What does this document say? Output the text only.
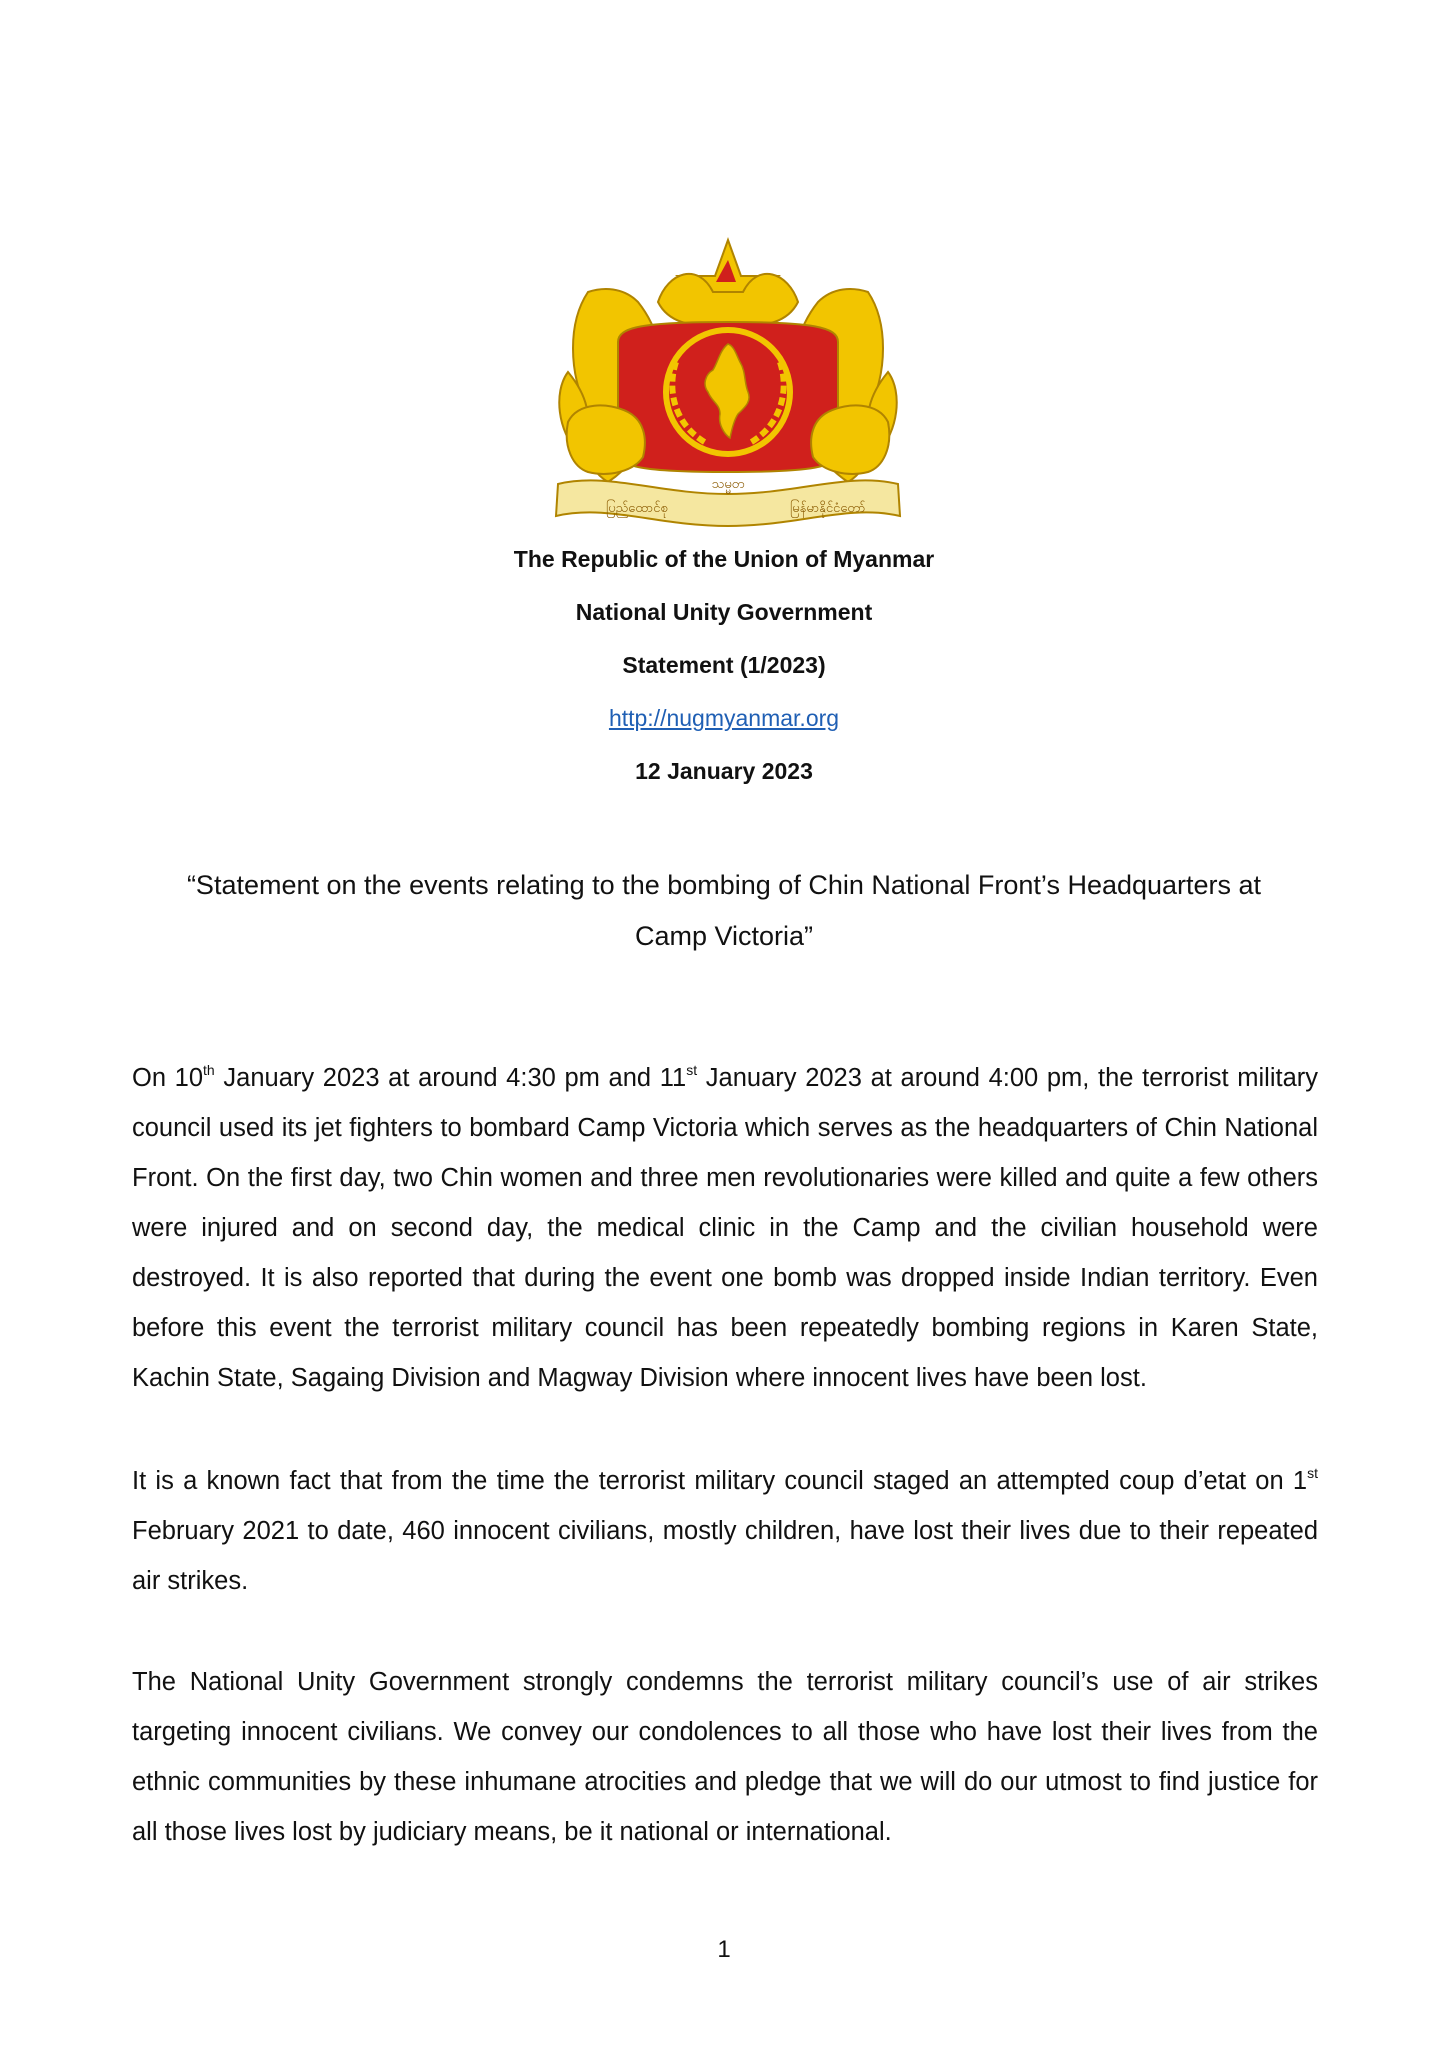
ပြည်ထောင်စု
သမ္မတ
မြန်မာနိုင်ငံတော်
The Republic of the Union of Myanmar
National Unity Government
Statement (1/2023)
http://nugmyanmar.org
12 January 2023
“Statement on the events relating to the bombing of Chin National Front’s Headquarters at Camp Victoria”
On 10th January 2023 at around 4:30 pm and 11st January 2023 at around 4:00 pm, the terrorist military council used its jet fighters to bombard Camp Victoria which serves as the headquarters of Chin National Front. On the first day, two Chin women and three men revolutionaries were killed and quite a few others were injured and on second day, the medical clinic in the Camp and the civilian household were destroyed. It is also reported that during the event one bomb was dropped inside Indian territory. Even before this event the terrorist military council has been repeatedly bombing regions in Karen State, Kachin State, Sagaing Division and Magway Division where innocent lives have been lost.
It is a known fact that from the time the terrorist military council staged an attempted coup d’etat on 1st February 2021 to date, 460 innocent civilians, mostly children, have lost their lives due to their repeated air strikes.
The National Unity Government strongly condemns the terrorist military council’s use of air strikes targeting innocent civilians. We convey our condolences to all those who have lost their lives from the ethnic communities by these inhumane atrocities and pledge that we will do our utmost to find justice for all those lives lost by judiciary means, be it national or international.
1
